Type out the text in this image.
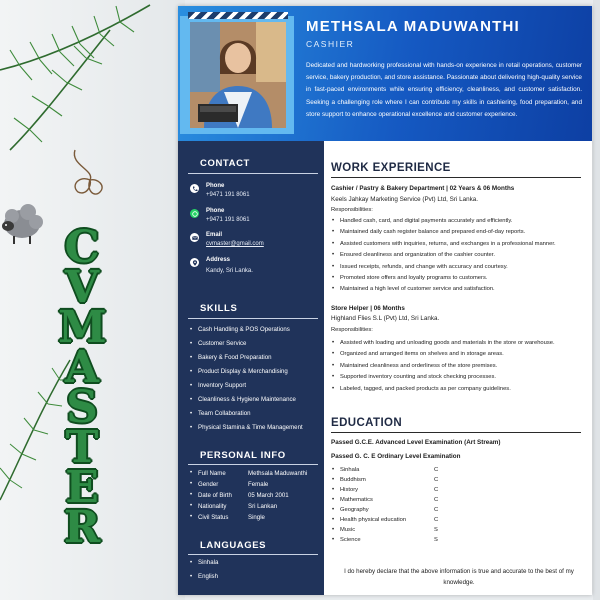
C
V
M
A
S
T
E
R
METHSALA MADUWANTHI
CASHIER
Dedicated and hardworking professional with hands-on experience in retail operations, customer service, bakery production, and store assistance. Passionate about delivering high-quality service in fast-paced environments while ensuring efficiency, cleanliness, and customer satisfaction. Seeking a challenging role where I can contribute my skills in cashiering, food preparation, and store support to enhance operational excellence and customer experience.
CONTACT
Phone
+9471 191 8061
Phone
+9471 191 8061
Email
cvmaster@gmail.com
Address
Kandy, Sri Lanka.
SKILLS
• Cash Handling & POS Operations
• Customer Service
• Bakery & Food Preparation
• Product Display & Merchandising
• Inventory Support
• Cleanliness & Hygiene Maintenance
• Team Collaboration
• Physical Stamina & Time Management
PERSONAL INFO
• Full Name	Methsala Maduwanthi
• Gender	Female
• Date of Birth	05 March 2001
• Nationality	Sri Lankan
• Civil Status	Single
LANGUAGES
• Sinhala
• English
WORK EXPERIENCE
Cashier / Pastry & Bakery Department | 02 Years & 06 Months
Keels Jahkay Marketing Service (Pvt) Ltd, Sri Lanka.
Responsibilities:
• Handled cash, card, and digital payments accurately and efficiently.
• Maintained daily cash register balance and prepared end-of-day reports.
• Assisted customers with inquiries, returns, and exchanges in a professional manner.
• Ensured cleanliness and organization of the cashier counter.
• Issued receipts, refunds, and change with accuracy and courtesy.
• Promoted store offers and loyalty programs to customers.
• Maintained a high level of customer service and satisfaction.
Store Helper | 06 Months
Highland Flies S.L (Pvt) Ltd, Sri Lanka.
Responsibilities:
• Assisted with loading and unloading goods and materials in the store or warehouse.
• Organized and arranged items on shelves and in storage areas.
• Maintained cleanliness and orderliness of the store premises.
• Supported inventory counting and stock checking processes.
• Labeled, tagged, and packed products as per company guidelines.
EDUCATION
Passed G.C.E. Advanced Level Examination (Art Stream)
Passed G. C. E Ordinary Level Examination
• Sinhala	C
• Buddhism	C
• History	C
• Mathematics	C
• Geography	C
• Health physical education	C
• Music	S
• Science	S
I do hereby declare that the above information is true and accurate to the best of my knowledge.
